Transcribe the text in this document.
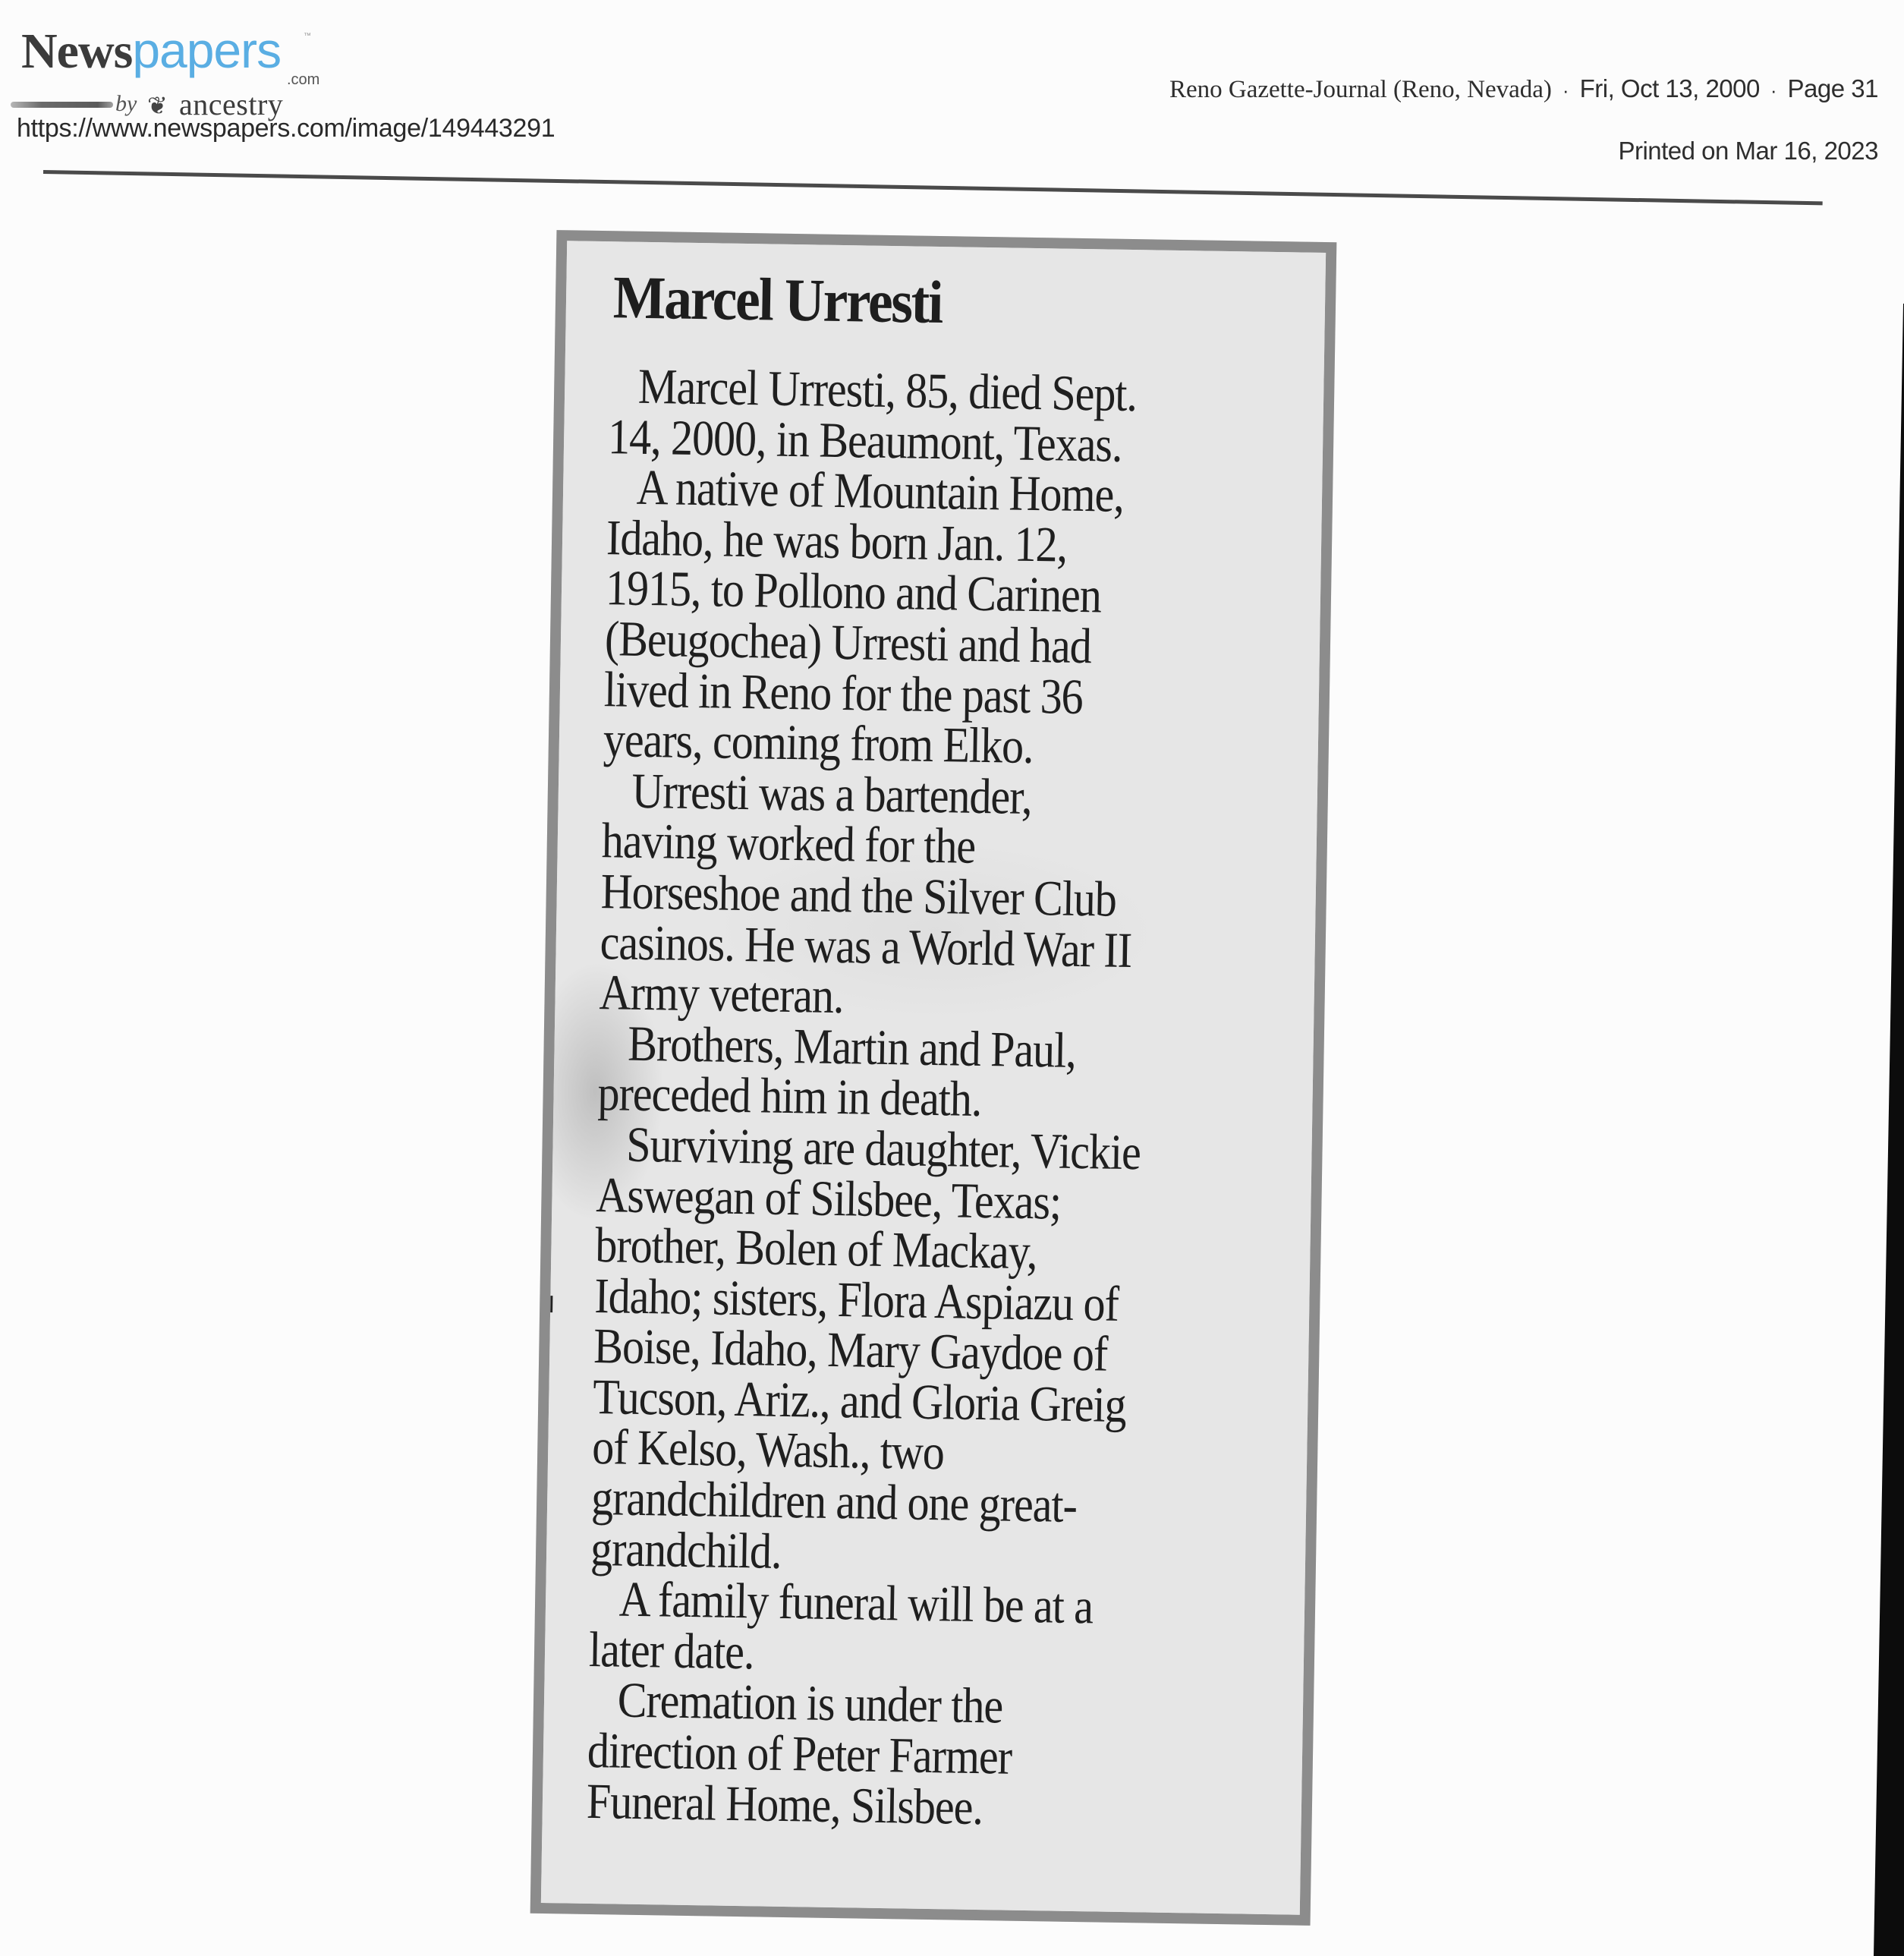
Newspapers	™
.com
by ❦ ancestry
https://www.newspapers.com/image/149443291
Reno Gazette-Journal (Reno, Nevada) · Fri, Oct 13, 2000 · Page 31
Printed on Mar 16, 2023
Marcel Urresti
Marcel Urresti, 85, died Sept.
14, 2000, in Beaumont, Texas.
A native of Mountain Home,
Idaho, he was born Jan. 12,
1915, to Pollono and Carinen
(Beugochea) Urresti and had
lived in Reno for the past 36
years, coming from Elko.
Urresti was a bartender,
having worked for the
Horseshoe and the Silver Club
casinos. He was a World War II
Army veteran.
Brothers, Martin and Paul,
preceded him in death.
Surviving are daughter, Vickie
Aswegan of Silsbee, Texas;
brother, Bolen of Mackay,
Idaho; sisters, Flora Aspiazu of
Boise, Idaho, Mary Gaydoe of
Tucson, Ariz., and Gloria Greig
of Kelso, Wash., two
grandchildren and one great-
grandchild.
A family funeral will be at a
later date.
Cremation is under the
direction of Peter Farmer
Funeral Home, Silsbee.
